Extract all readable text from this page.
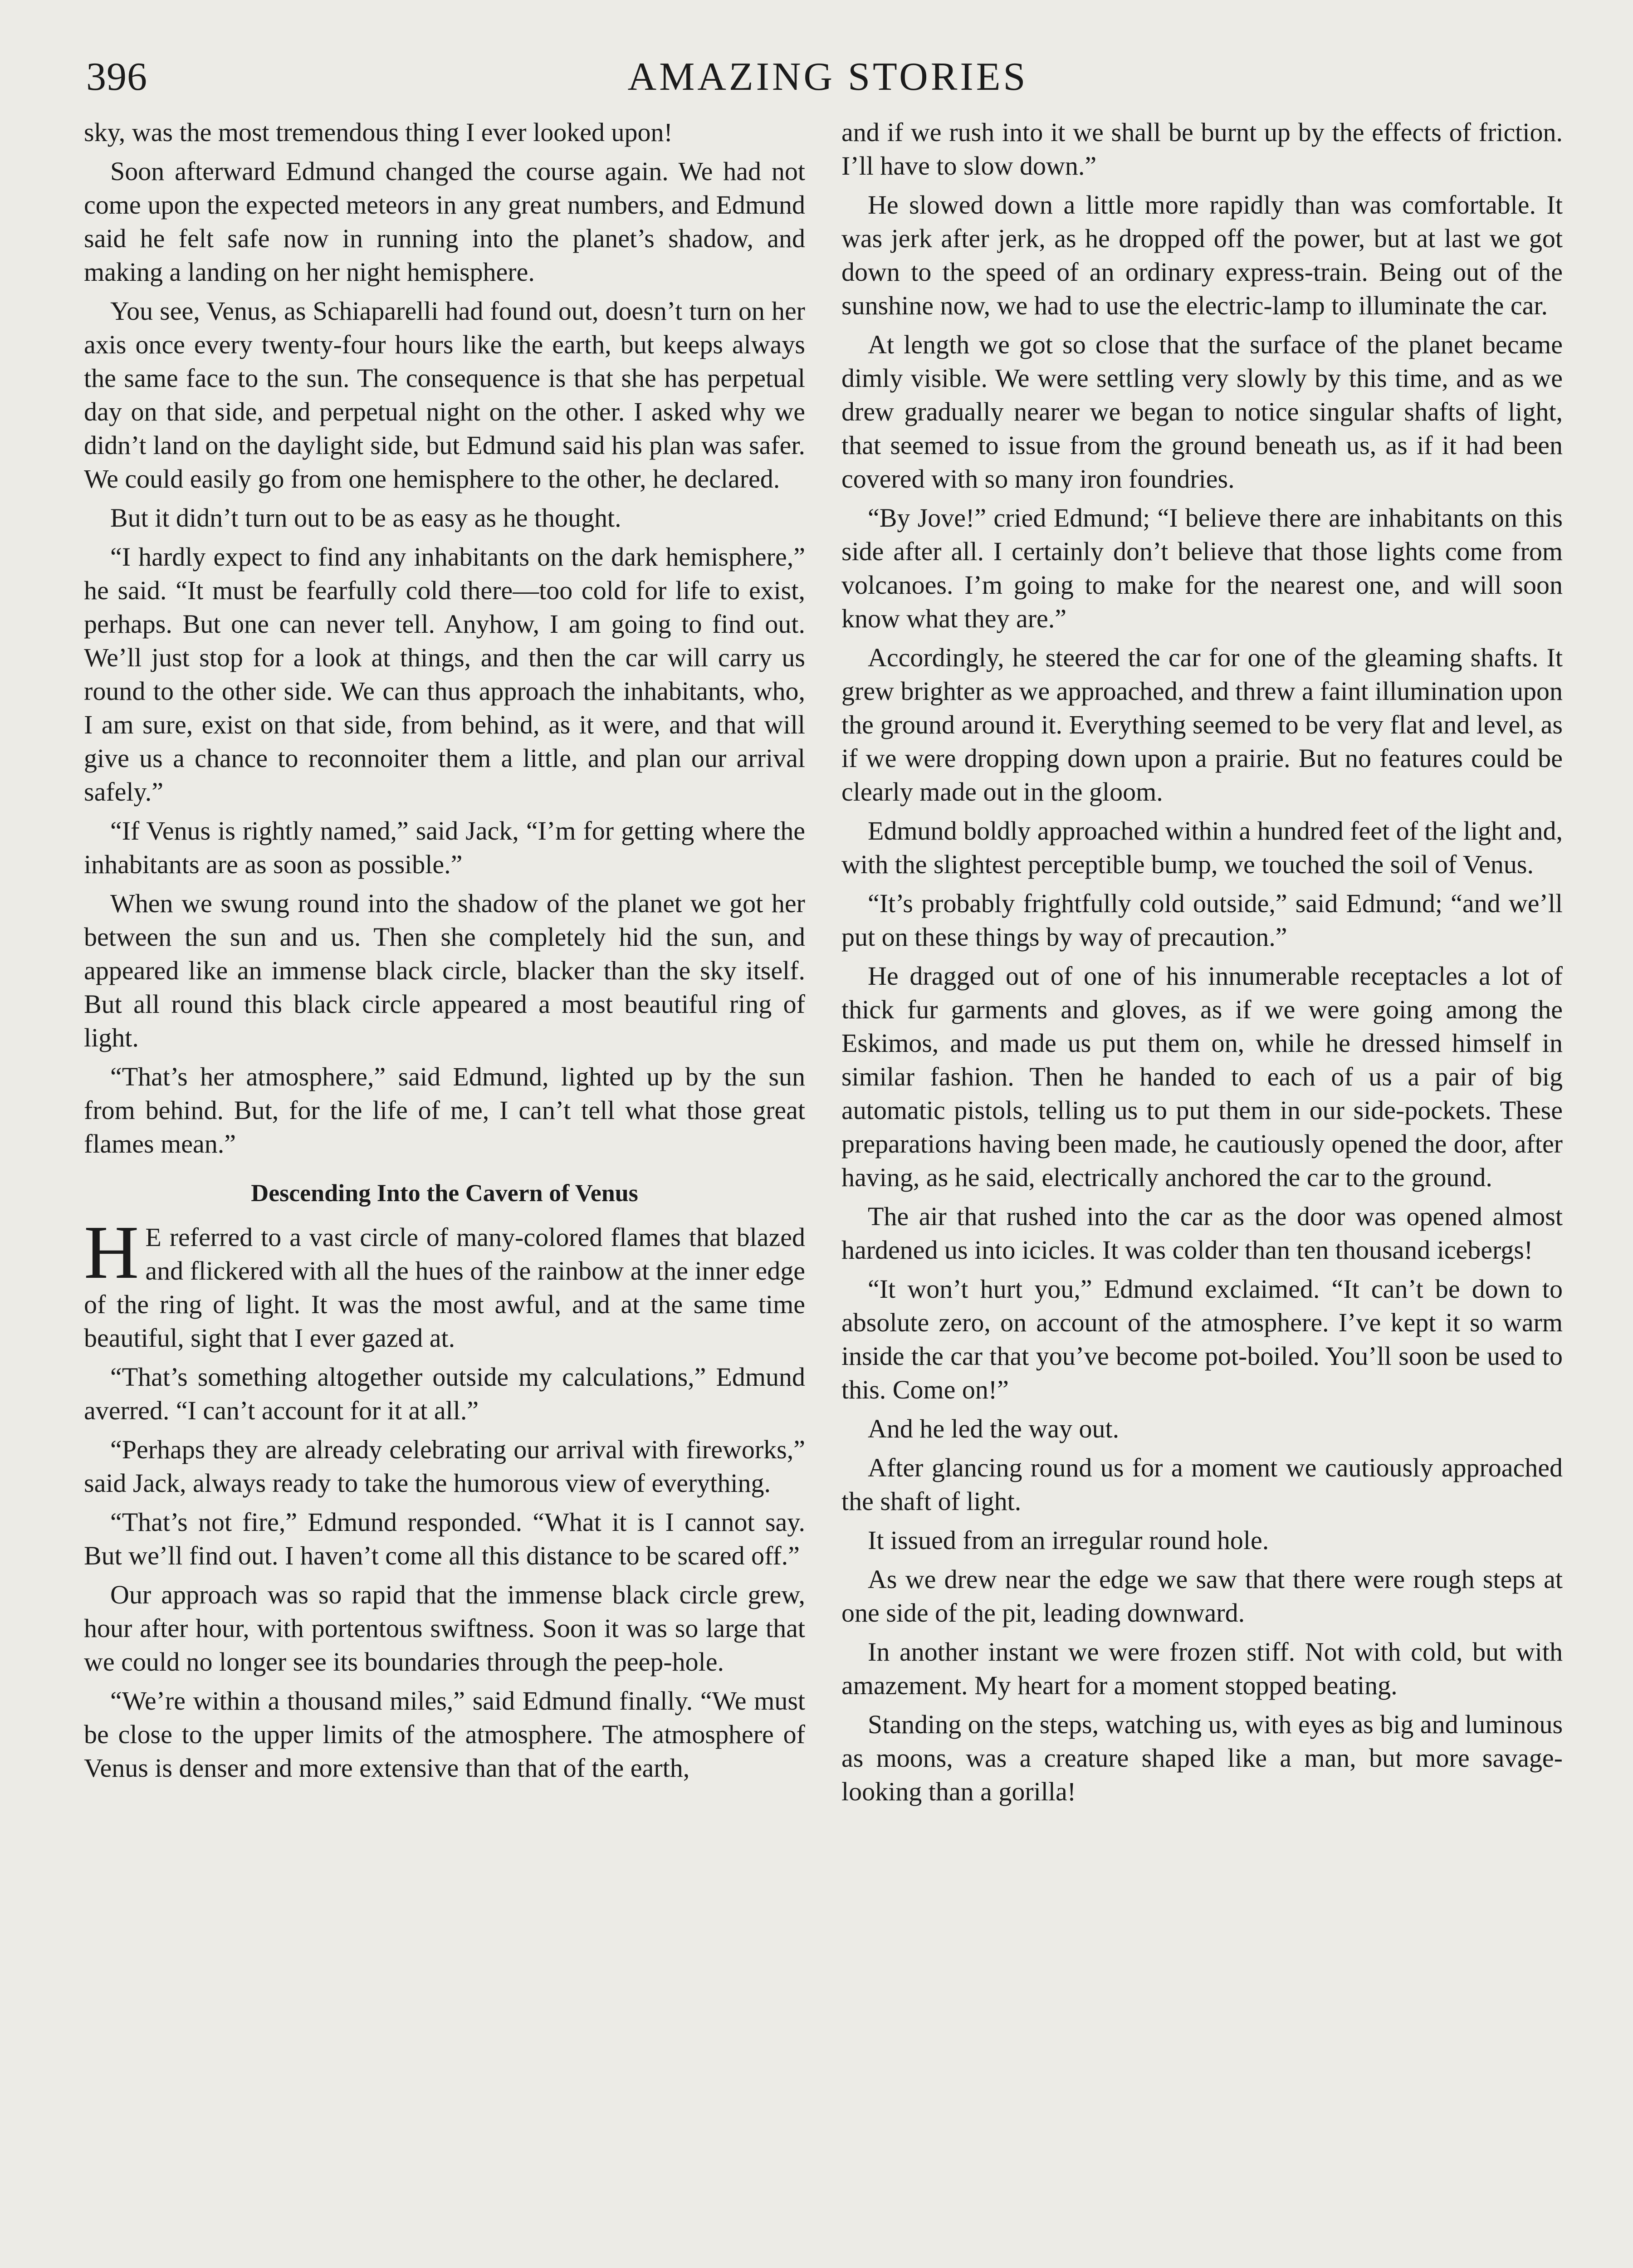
396	AMAZING STORIES

sky, was the most tremendous thing I ever looked upon!

Soon afterward Edmund changed the course again. We had not come upon the expected meteors in any great numbers, and Edmund said he felt safe now in running into the planet’s shadow, and making a landing on her night hemisphere.

You see, Venus, as Schiaparelli had found out, doesn’t turn on her axis once every twenty-four hours like the earth, but keeps always the same face to the sun. The consequence is that she has perpetual day on that side, and perpetual night on the other. I asked why we didn’t land on the daylight side, but Edmund said his plan was safer. We could easily go from one hemisphere to the other, he declared.

But it didn’t turn out to be as easy as he thought.

“I hardly expect to find any inhabitants on the dark hemisphere,” he said. “It must be fearfully cold there—too cold for life to exist, perhaps. But one can never tell. Anyhow, I am going to find out. We’ll just stop for a look at things, and then the car will carry us round to the other side. We can thus approach the inhabitants, who, I am sure, exist on that side, from behind, as it were, and that will give us a chance to reconnoiter them a little, and plan our arrival safely.”

“If Venus is rightly named,” said Jack, “I’m for getting where the inhabitants are as soon as possible.”

When we swung round into the shadow of the planet we got her between the sun and us. Then she completely hid the sun, and appeared like an immense black circle, blacker than the sky itself. But all round this black circle appeared a most beautiful ring of light.

“That’s her atmosphere,” said Edmund, lighted up by the sun from behind. But, for the life of me, I can’t tell what those great flames mean.”

Descending Into the Cavern of Venus

H E referred to a vast circle of many-colored flames that blazed and flickered with all the hues of the rainbow at the inner edge of the ring of light. It was the most awful, and at the same time beautiful, sight that I ever gazed at.

“That’s something altogether outside my calculations,” Edmund averred. “I can’t account for it at all.”

“Perhaps they are already celebrating our arrival with fireworks,” said Jack, always ready to take the humorous view of everything.

“That’s not fire,” Edmund responded. “What it is I cannot say. But we’ll find out. I haven’t come all this distance to be scared off.”

Our approach was so rapid that the immense black circle grew, hour after hour, with portentous swiftness. Soon it was so large that we could no longer see its boundaries through the peep-hole.

“We’re within a thousand miles,” said Edmund finally. “We must be close to the upper limits of the atmosphere. The atmosphere of Venus is denser and more extensive than that of the earth,

and if we rush into it we shall be burnt up by the effects of friction. I’ll have to slow down.”

He slowed down a little more rapidly than was comfortable. It was jerk after jerk, as he dropped off the power, but at last we got down to the speed of an ordinary express-train. Being out of the sunshine now, we had to use the electric-lamp to illuminate the car.

At length we got so close that the surface of the planet became dimly visible. We were settling very slowly by this time, and as we drew gradually nearer we began to notice singular shafts of light, that seemed to issue from the ground beneath us, as if it had been covered with so many iron foundries.

“By Jove!” cried Edmund; “I believe there are inhabitants on this side after all. I certainly don’t believe that those lights come from volcanoes. I’m going to make for the nearest one, and will soon know what they are.”

Accordingly, he steered the car for one of the gleaming shafts. It grew brighter as we approached, and threw a faint illumination upon the ground around it. Everything seemed to be very flat and level, as if we were dropping down upon a prairie. But no features could be clearly made out in the gloom.

Edmund boldly approached within a hundred feet of the light and, with the slightest perceptible bump, we touched the soil of Venus.

“It’s probably frightfully cold outside,” said Edmund; “and we’ll put on these things by way of precaution.”

He dragged out of one of his innumerable receptacles a lot of thick fur garments and gloves, as if we were going among the Eskimos, and made us put them on, while he dressed himself in similar fashion. Then he handed to each of us a pair of big automatic pistols, telling us to put them in our side-pockets. These preparations having been made, he cautiously opened the door, after having, as he said, electrically anchored the car to the ground.

The air that rushed into the car as the door was opened almost hardened us into icicles. It was colder than ten thousand icebergs!

“It won’t hurt you,” Edmund exclaimed. “It can’t be down to absolute zero, on account of the atmosphere. I’ve kept it so warm inside the car that you’ve become pot-boiled. You’ll soon be used to this. Come on!”

And he led the way out.

After glancing round us for a moment we cautiously approached the shaft of light.

It issued from an irregular round hole.

As we drew near the edge we saw that there were rough steps at one side of the pit, leading downward.

In another instant we were frozen stiff. Not with cold, but with amazement. My heart for a moment stopped beating.

Standing on the steps, watching us, with eyes as big and luminous as moons, was a creature shaped like a man, but more savage-looking than a gorilla!
